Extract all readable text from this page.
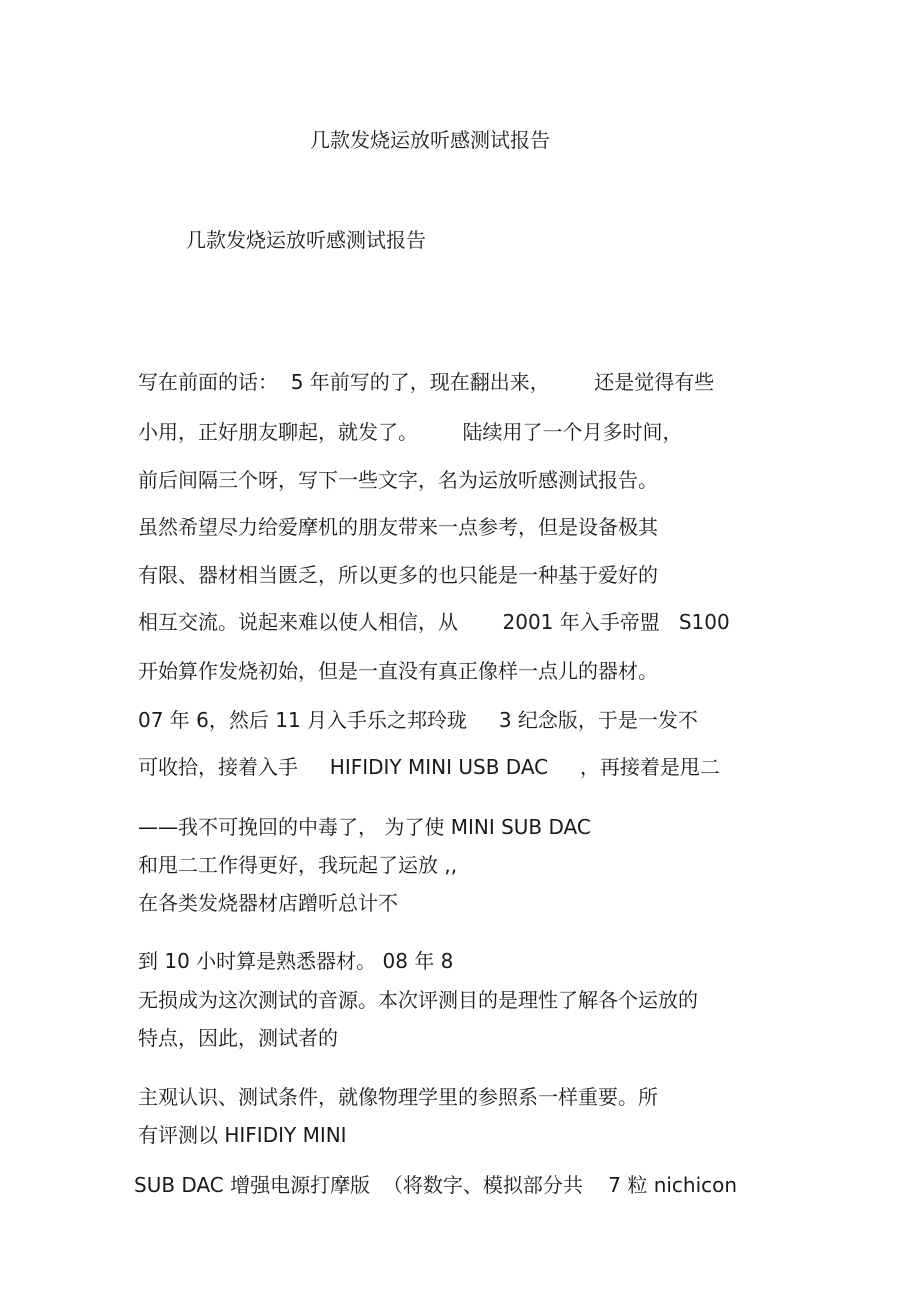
几款发烧运放听感测试报告
几款发烧运放听感测试报告

写在前面的话：  5 年前写的了，现在翻出来，       还是觉得有些

小用，正好朋友聊起，就发了。       陆续用了一个月多时间，

前后间隔三个呀，写下一些文字，名为运放听感测试报告。

虽然希望尽力给爱摩机的朋友带来一点参考，但是设备极其

有限、器材相当匮乏，所以更多的也只能是一种基于爱好的

相互交流。说起来难以使人相信，从       2001 年入手帝盟   S100

开始算作发烧初始，但是一直没有真正像样一点儿的器材。

07 年 6，然后 11 月入手乐之邦玲珑     3 纪念版，于是一发不

可收拾，接着入手     HIFIDIY MINI USB DAC     ，再接着是甩二

——我不可挽回的中毒了， 为了使 MINI SUB DAC

和甩二工作得更好，我玩起了运放 ,,

在各类发烧器材店蹭听总计不

到 10 小时算是熟悉器材。 08 年 8

无损成为这次测试的音源。本次评测目的是理性了解各个运放的

特点，因此，测试者的

主观认识、测试条件，就像物理学里的参照系一样重要。所

有评测以 HIFIDIY MINI

SUB DAC 增强电源打摩版  （将数字、模拟部分共    7 粒 nichicon
